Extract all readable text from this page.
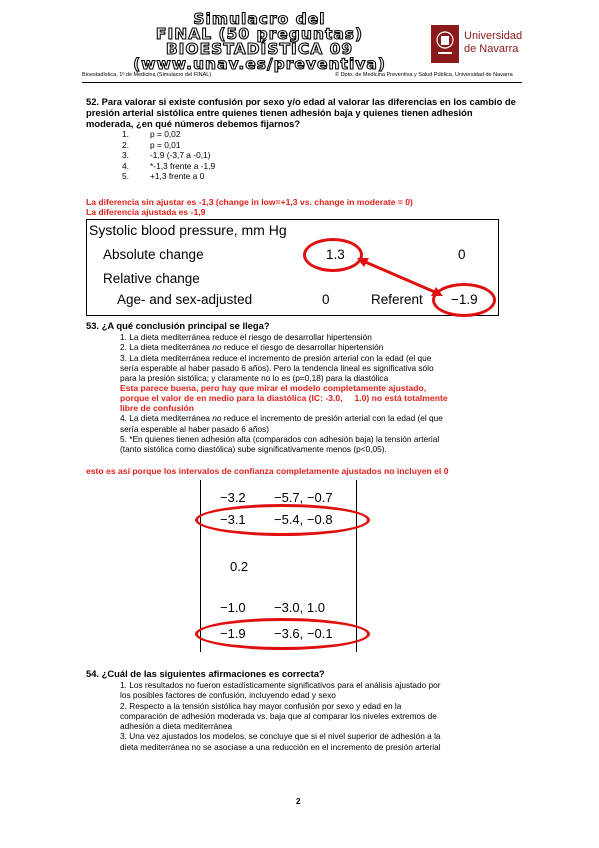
Simulacro del
FINAL (50 preguntas)
BIOESTADÍSTICA 09
(www.unav.es/preventiva)
Universidad
de Navarra
Bioestadística, 1º de Medicina (Simulacro del FINAL)	© Dpto. de Medicina Preventiva y Salud Pública, Universidad de Navarra
52. Para valorar si existe confusión por sexo y/o edad al valorar las diferencias en los cambio de presión arterial sistólica entre quienes tienen adhesión baja y quienes tienen adhesión moderada, ¿en qué números debemos fijarnos?
1.	p = 0,02
2.	p = 0,01
3.	-1,9 (-3,7 a -0,1)
4.	*-1,3 frente a -1,9
5.	+1,3 frente a 0
La diferencia sin ajustar es -1,3 (change in low=+1,3 vs. change in moderate = 0)
La diferencia ajustada es -1,9
Systolic blood pressure, mm Hg
Absolute change	1.3	0
Relative change
Age- and sex-adjusted	0	Referent −1.9
53. ¿A qué conclusión principal se llega?
1. La dieta mediterránea reduce el riesgo de desarrollar hipertensión
2. La dieta mediterránea no reduce el riesgo de desarrollar hipertensión
3. La dieta mediterránea reduce el incremento de presión arterial con la edad (el que
sería esperable al haber pasado 6 años). Pero la tendencia lineal es significativa sólo
para la presión sistólica; y claramente no lo es (p=0,18) para la diastólica
Esta parece buena, pero hay que mirar el modelo completamente ajustado,
porque el valor de en medio para la diastólica (IC: -3.0,     1.0) no está totalmente
libre de confusión
4. La dieta mediterránea no reduce el incremento de presión arterial con la edad (el que
sería esperable al haber pasado 6 años)
5. *En quienes tienen adhesión alta (comparados con adhesión baja) la tensión arterial
(tanto sistólica como diastólica) sube significativamente menos (p<0,05).
esto es así porque los intervalos de confianza completamente ajustados no incluyen el 0
−3.2 −5.7, −0.7
−3.1 −5.4, −0.8
0.2
−1.0 −3.0, 1.0
−1.9 −3.6, −0.1
54. ¿Cuál de las siguientes afirmaciones es correcta?
1. Los resultados no fueron estadísticamente significativos para el análisis ajustado por
los posibles factores de confusión, incluyendo edad y sexo
2. Respecto a la tensión sistólica hay mayor confusión por sexo y edad en la
comparación de adhesión moderada vs. baja que al comparar los niveles extremos de
adhesión a dieta mediterránea
3. Una vez ajustados los modelos, se concluye que si el nivel superior de adhesión a la
dieta mediterránea no se asociase a una reducción en el incremento de presión arterial
2
